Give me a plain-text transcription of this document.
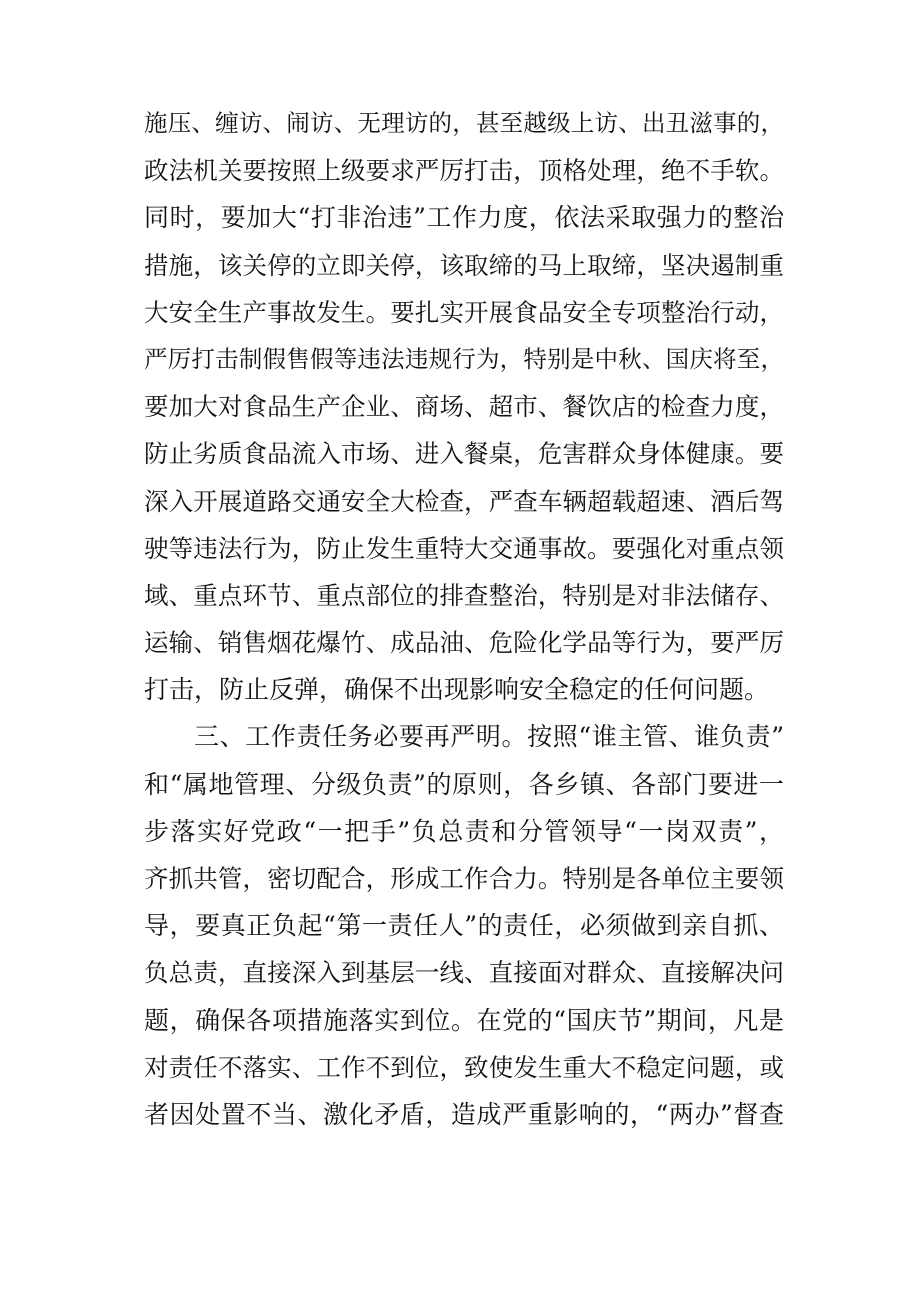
施压、缠访、闹访、无理访的，甚至越级上访、出丑滋事的，
政法机关要按照上级要求严厉打击，顶格处理，绝不手软。
同时，要加大“打非治违”工作力度，依法采取强力的整治
措施，该关停的立即关停，该取缔的马上取缔，坚决遏制重
大安全生产事故发生。要扎实开展食品安全专项整治行动，
严厉打击制假售假等违法违规行为，特别是中秋、国庆将至，
要加大对食品生产企业、商场、超市、餐饮店的检查力度，
防止劣质食品流入市场、进入餐桌，危害群众身体健康。要
深入开展道路交通安全大检查，严查车辆超载超速、酒后驾
驶等违法行为，防止发生重特大交通事故。要强化对重点领
域、重点环节、重点部位的排查整治，特别是对非法储存、
运输、销售烟花爆竹、成品油、危险化学品等行为，要严厉
打击，防止反弹，确保不出现影响安全稳定的任何问题。
三、工作责任务必要再严明。按照“谁主管、谁负责”
和“属地管理、分级负责”的原则，各乡镇、各部门要进一
步落实好党政“一把手”负总责和分管领导“一岗双责”，
齐抓共管，密切配合，形成工作合力。特别是各单位主要领
导，要真正负起“第一责任人”的责任，必须做到亲自抓、
负总责，直接深入到基层一线、直接面对群众、直接解决问
题，确保各项措施落实到位。在党的“国庆节”期间，凡是
对责任不落实、工作不到位，致使发生重大不稳定问题，或
者因处置不当、激化矛盾，造成严重影响的，“两办”督查
